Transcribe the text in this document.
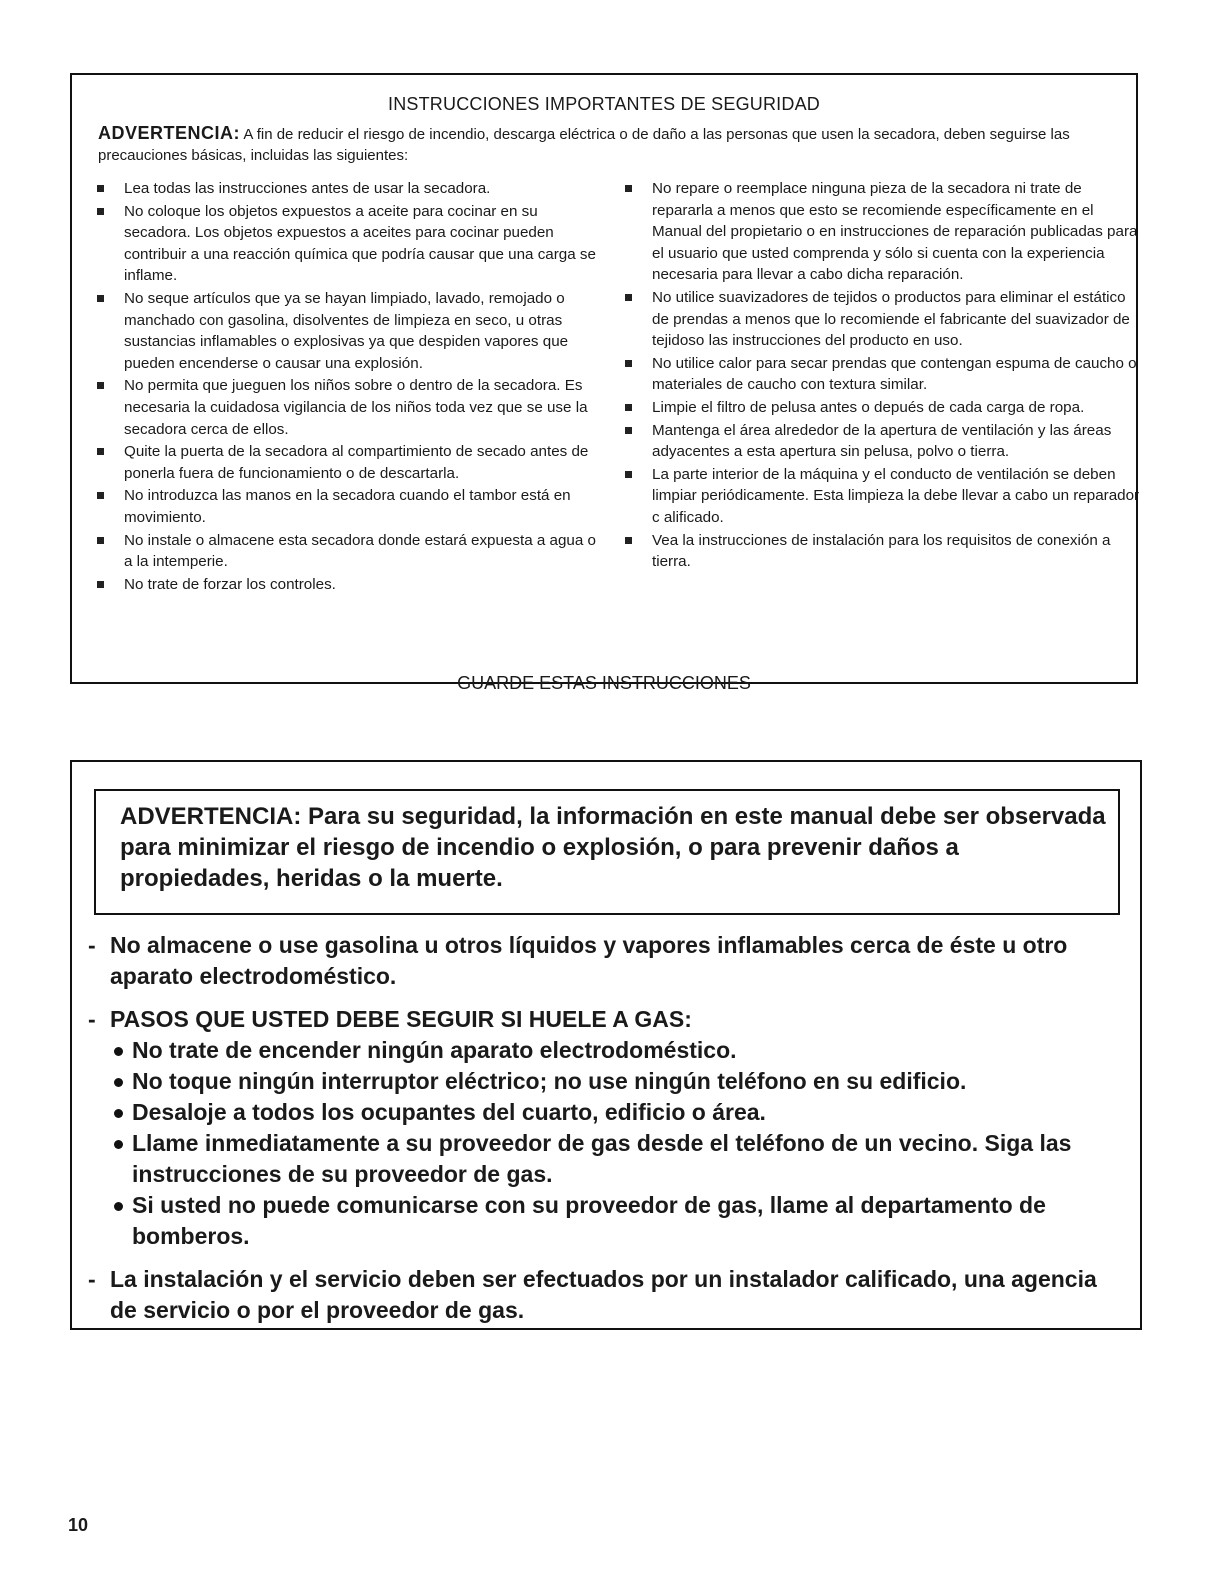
INSTRUCCIONES IMPORTANTES DE SEGURIDAD
ADVERTENCIA: A fin de reducir el riesgo de incendio, descarga eléctrica o de daño a las personas que usen la secadora, deben seguirse las precauciones básicas, incluidas las siguientes:
Lea todas las instrucciones antes de usar la secadora.
No coloque los objetos expuestos a aceite para cocinar en su secadora. Los objetos expuestos a aceites para cocinar pueden contribuir a una reacción química que podría causar que una carga se inflame.
No seque artículos que ya se hayan limpiado, lavado, remojado o manchado con gasolina, disolventes de limpieza en seco, u otras sustancias inflamables o explosivas ya que despiden vapores que pueden encenderse o causar una explosión.
No permita que jueguen los niños sobre o dentro de la secadora. Es necesaria la cuidadosa vigilancia de los niños toda vez que se use la secadora cerca de ellos.
Quite la puerta de la secadora al compartimiento de secado antes de ponerla fuera de funcionamiento o de descartarla.
No introduzca las manos en la secadora cuando el tambor está en movimiento.
No instale o almacene esta secadora donde estará expuesta a agua o a la intemperie.
No trate de forzar los controles.
No repare o reemplace ninguna pieza de la secadora ni trate de repararla a menos que esto se recomiende específicamente en el Manual del propietario o en instrucciones de reparación publicadas para el usuario que usted comprenda y sólo si cuenta con la experiencia necesaria para llevar a cabo dicha reparación.
No utilice suavizadores de tejidos o productos para eliminar el estático de prendas a menos que lo recomiende el fabricante del suavizador de tejidoso las instrucciones del producto en uso.
No utilice calor para secar prendas que contengan espuma de caucho o materiales de caucho con textura similar.
Limpie el filtro de pelusa antes o depués de cada carga de ropa.
Mantenga el área alrededor de la apertura de ventilación y las áreas adyacentes a esta apertura sin pelusa, polvo o tierra.
La parte interior de la máquina y el conducto de ventilación se deben limpiar periódicamente. Esta limpieza la debe llevar a cabo un reparador c alificado.
Vea la instrucciones de instalación para los requisitos de conexión a tierra.
GUARDE ESTAS INSTRUCCIONES
ADVERTENCIA: Para su seguridad, la información en este manual debe ser observada para minimizar el riesgo de incendio o explosión, o para prevenir daños a propiedades, heridas o la muerte.
- No almacene o use gasolina u otros líquidos y vapores inflamables cerca de éste u otro aparato electrodoméstico.
- PASOS QUE USTED DEBE SEGUIR SI HUELE A GAS:
No trate de encender ningún aparato electrodoméstico.
No toque ningún interruptor eléctrico; no use ningún teléfono en su edificio.
Desaloje a todos los ocupantes del cuarto, edificio o área.
Llame inmediatamente a su proveedor de gas desde el teléfono de un vecino. Siga las instrucciones de su proveedor de gas.
Si usted no puede comunicarse con su proveedor de gas, llame al departamento de bomberos.
- La instalación y el servicio deben ser efectuados por un instalador calificado, una agencia de servicio o por el proveedor de gas.
10
